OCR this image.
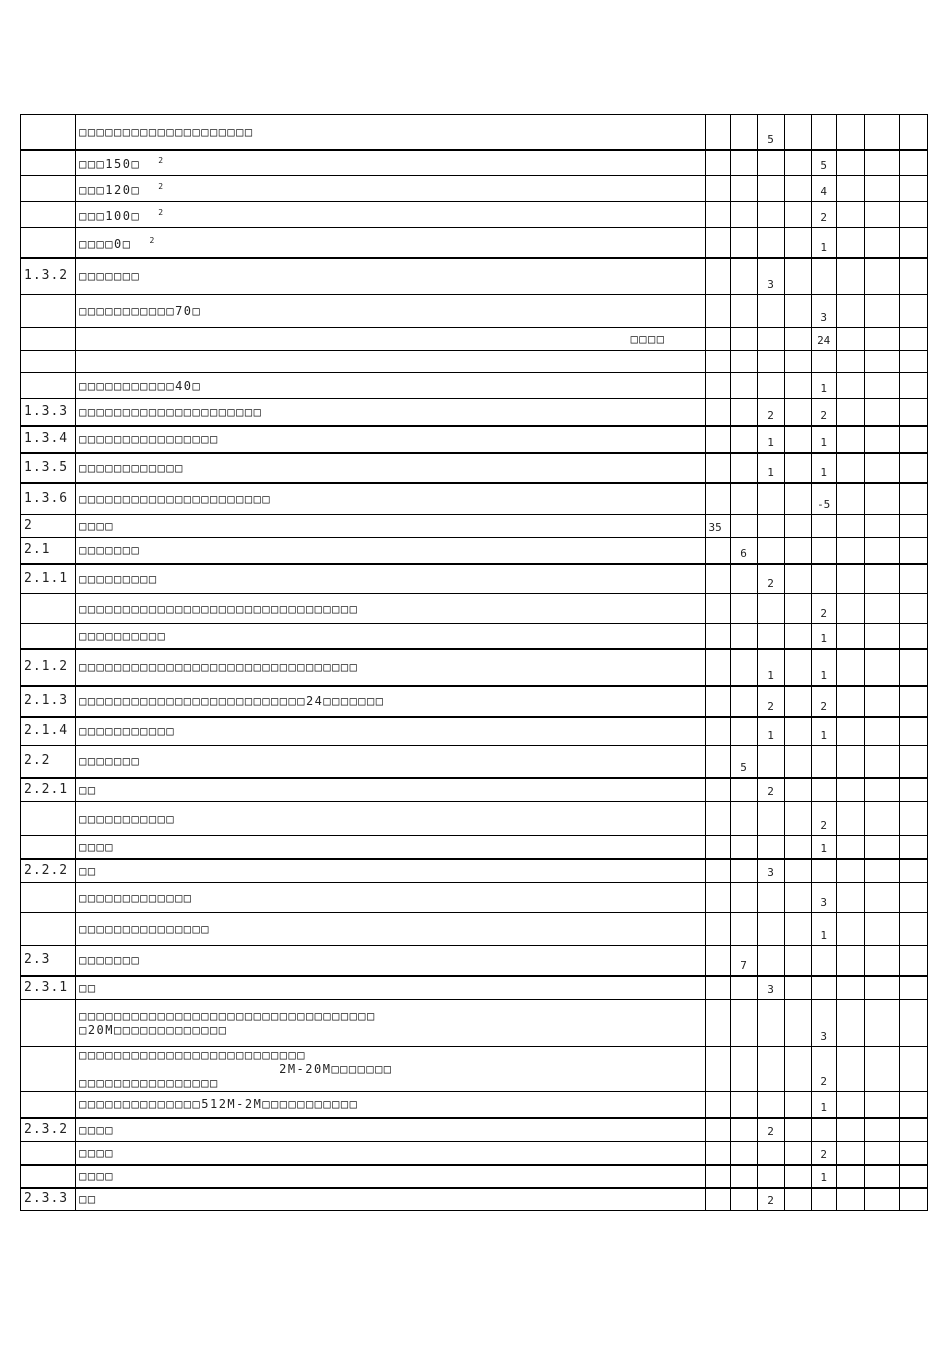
	□□□□□□□□□□□□□□□□□□□□			5					
	□□□150□ $^2$					5			
	□□□120□ $^2$					4			
	□□□100□ $^2$					2			
	□□□□0□ $^2$					1			
1.3.2	□□□□□□□			3					
	□□□□□□□□□□□70□					3			
	□□□□					24			

	□□□□□□□□□□□40□					1			
1.3.3	□□□□□□□□□□□□□□□□□□□□□			2		2			
1.3.4	□□□□□□□□□□□□□□□□			1		1			
1.3.5	□□□□□□□□□□□□			1		1			
1.3.6	□□□□□□□□□□□□□□□□□□□□□□					-5			
2	□□□□	35							
2.1	□□□□□□□		6						
2.1.1	□□□□□□□□□			2					
	□□□□□□□□□□□□□□□□□□□□□□□□□□□□□□□□					2			
	□□□□□□□□□□					1			
2.1.2	□□□□□□□□□□□□□□□□□□□□□□□□□□□□□□□□			1		1			
2.1.3	□□□□□□□□□□□□□□□□□□□□□□□□□□24□□□□□□□			2		2			
2.1.4	□□□□□□□□□□□			1		1			
2.2	□□□□□□□		5						
2.2.1	□□			2					
	□□□□□□□□□□□					2			
	□□□□					1			
2.2.2	□□			3					
	□□□□□□□□□□□□□					3			
	□□□□□□□□□□□□□□□					1			
2.3	□□□□□□□		7						
2.3.1	□□			3					

	□□□□□□□□□□□□□□□□□□□□□□□□□□□□□□□□□□
□20M□□□□□□□□□□□□□					3			

	□□□□□□□□□□□□□□□□□□□□□□□□□□
2M-20M□□□□□□□
□□□□□□□□□□□□□□□□					2			
	□□□□□□□□□□□□□□512M-2M□□□□□□□□□□□					1			
2.3.2	□□□□			2					
	□□□□					2			
	□□□□					1			
2.3.3	□□			2					
